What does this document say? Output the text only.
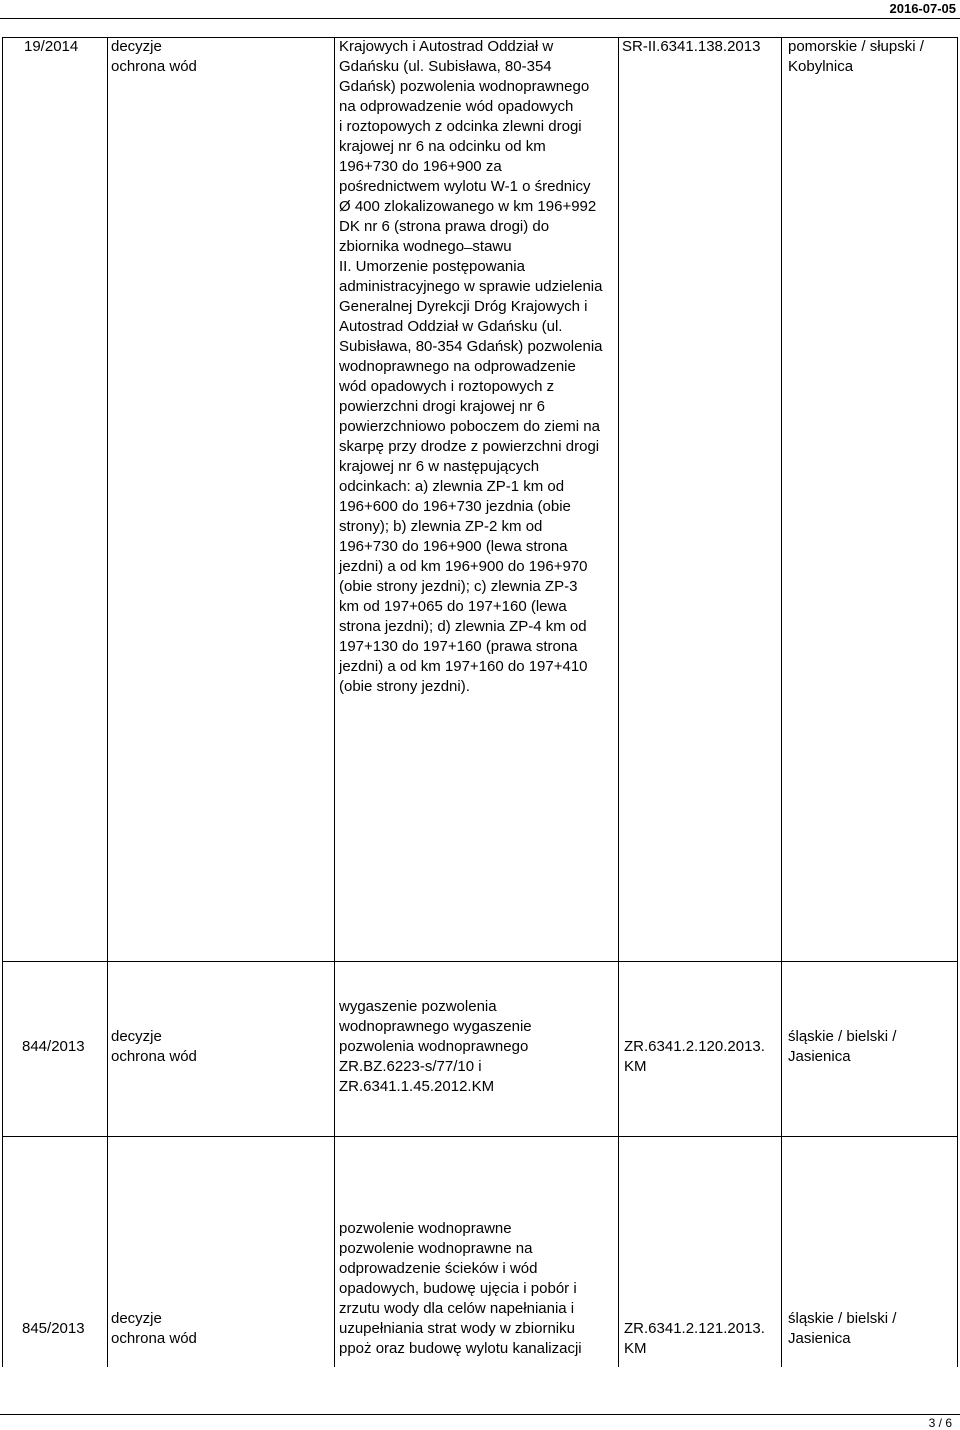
2016-07-05

19/2014 decyzje
ochrona wód

Krajowych i Autostrad Oddział w
Gdańsku (ul. Subisława, 80-354
Gdańsk) pozwolenia wodnoprawnego
na odprowadzenie wód opadowych
i roztopowych z odcinka zlewni drogi
krajowej nr 6 na odcinku od km
196+730 do 196+900 za
pośrednictwem wylotu W-1 o średnicy
Ø 400 zlokalizowanego w km 196+992
DK nr 6 (strona prawa drogi) do
zbiornika wodnego ̶ stawu
II. Umorzenie postępowania
administracyjnego w sprawie udzielenia
Generalnej Dyrekcji Dróg Krajowych i
Autostrad Oddział w Gdańsku (ul.
Subisława, 80-354 Gdańsk) pozwolenia
wodnoprawnego na odprowadzenie
wód opadowych i roztopowych z
powierzchni drogi krajowej nr 6
powierzchniowo poboczem do ziemi na
skarpę przy drodze z powierzchni drogi
krajowej nr 6 w następujących
odcinkach: a) zlewnia ZP-1 km od
196+600 do 196+730 jezdnia (obie
strony); b) zlewnia ZP-2 km od
196+730 do 196+900 (lewa strona
jezdni) a od km 196+900 do 196+970
(obie strony jezdni); c) zlewnia ZP-3
km od 197+065 do 197+160 (lewa
strona jezdni); d) zlewnia ZP-4 km od
197+130 do 197+160 (prawa strona
jezdni) a od km 197+160 do 197+410
(obie strony jezdni).

SR-II.6341.138.2013	pomorskie / słupski /
Kobylnica

844/2013

decyzje
ochrona wód

wygaszenie pozwolenia
wodnoprawnego wygaszenie
pozwolenia wodnoprawnego
ZR.BZ.6223-s/77/10 i
ZR.6341.1.45.2012.KM

ZR.6341.2.120.2013.
KM

śląskie / bielski /
Jasienica

845/2013

decyzje
ochrona wód

pozwolenie wodnoprawne
pozwolenie wodnoprawne na
odprowadzenie ścieków i wód
opadowych, budowę ujęcia i pobór i
zrzutu wody dla celów napełniania i
uzupełniania strat wody w zbiorniku
ppoż oraz budowę wylotu kanalizacji

ZR.6341.2.121.2013.
KM

śląskie / bielski /
Jasienica

3 / 6
